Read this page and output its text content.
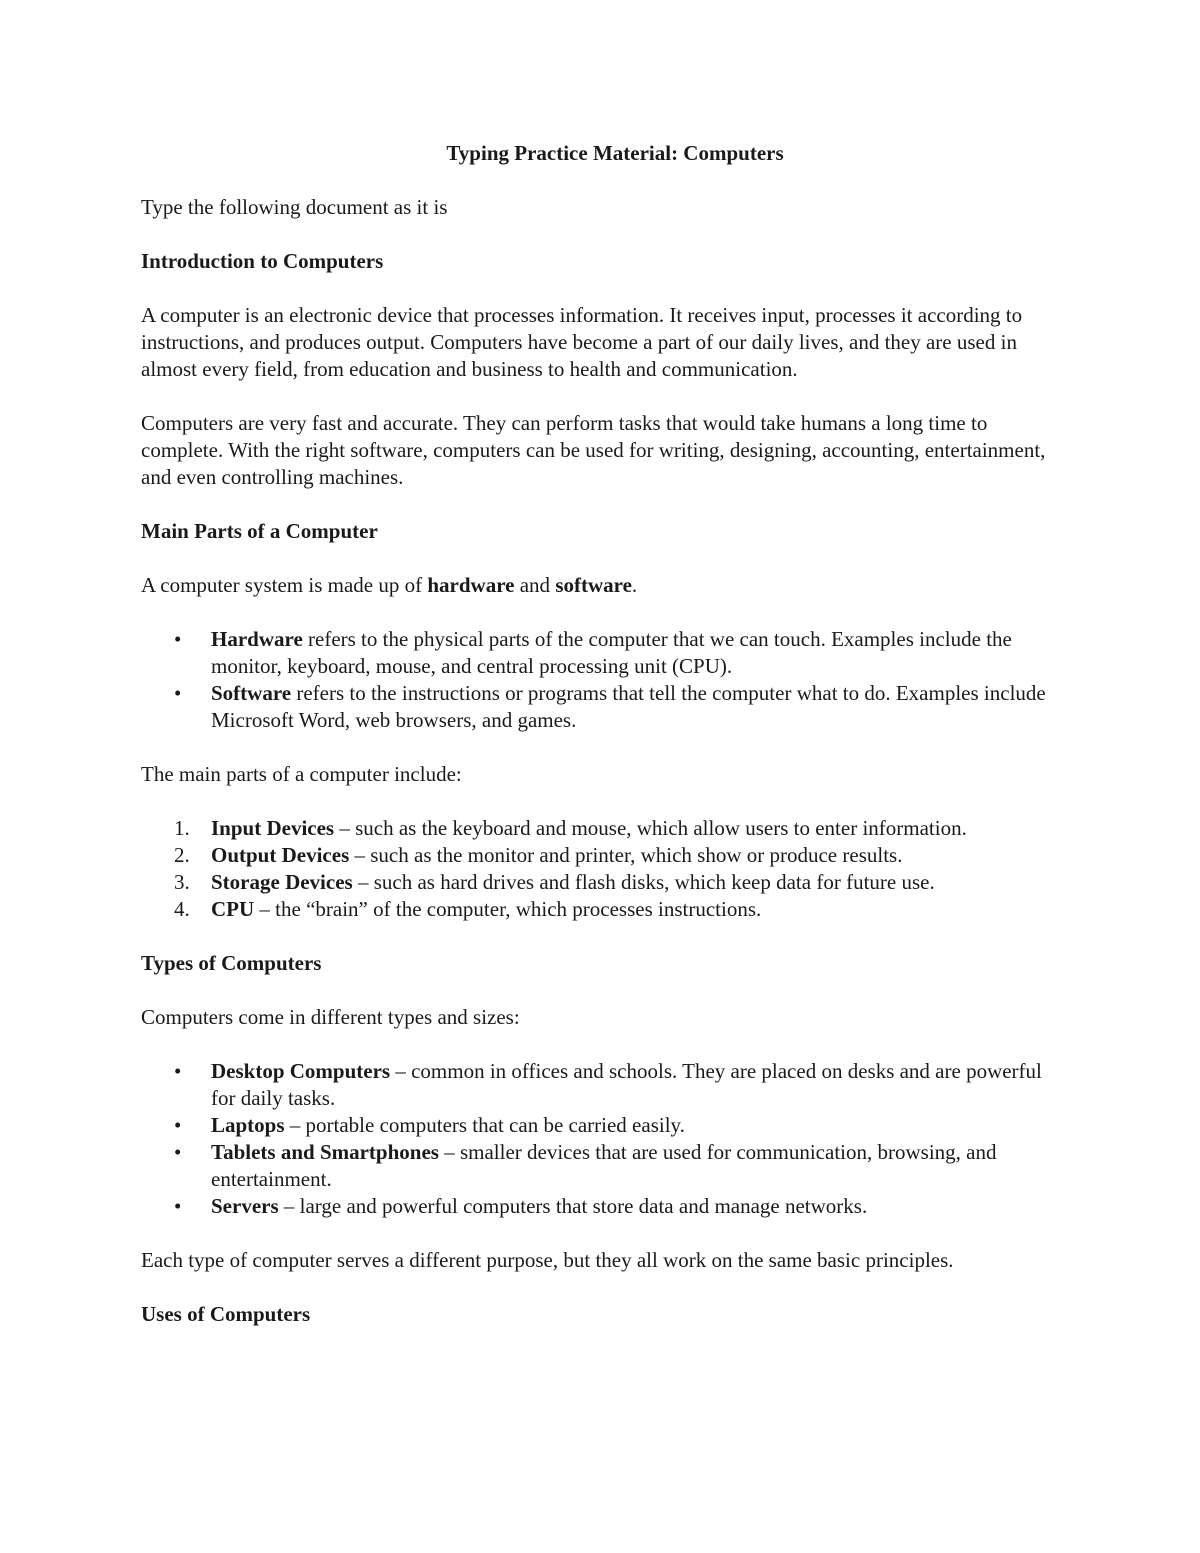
Typing Practice Material: Computers

Type the following document as it is

Introduction to Computers

A computer is an electronic device that processes information. It receives input, processes it according to instructions, and produces output. Computers have become a part of our daily lives, and they are used in almost every field, from education and business to health and communication.

Computers are very fast and accurate. They can perform tasks that would take humans a long time to complete. With the right software, computers can be used for writing, designing, accounting, entertainment, and even controlling machines.

Main Parts of a Computer

A computer system is made up of hardware and software.

• Hardware refers to the physical parts of the computer that we can touch. Examples include the monitor, keyboard, mouse, and central processing unit (CPU).
• Software refers to the instructions or programs that tell the computer what to do. Examples include Microsoft Word, web browsers, and games.

The main parts of a computer include:

1. Input Devices – such as the keyboard and mouse, which allow users to enter information.
2. Output Devices – such as the monitor and printer, which show or produce results.
3. Storage Devices – such as hard drives and flash disks, which keep data for future use.
4. CPU – the “brain” of the computer, which processes instructions.
Types of Computers

Computers come in different types and sizes:

• Desktop Computers – common in offices and schools. They are placed on desks and are powerful for daily tasks.
• Laptops – portable computers that can be carried easily.
• Tablets and Smartphones – smaller devices that are used for communication, browsing, and entertainment.
• Servers – large and powerful computers that store data and manage networks.

Each type of computer serves a different purpose, but they all work on the same basic principles.

Uses of Computers
